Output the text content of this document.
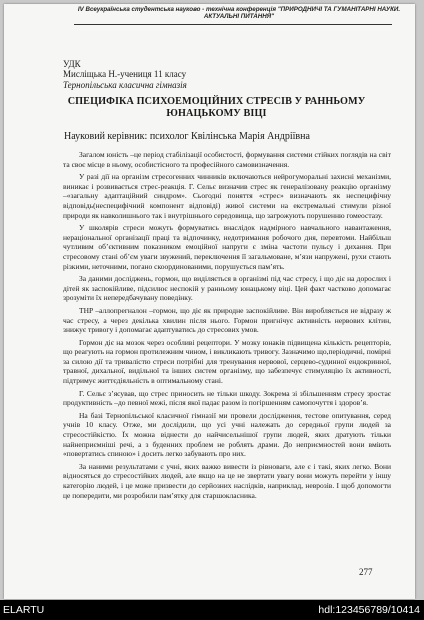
IV Всеукраїнська студентська науково - технічна конференція "ПРИРОДНИЧІ ТА ГУМАНІТАРНІ НАУКИ.
АКТУАЛЬНІ ПИТАННЯ"
УДК
Мисліщька Н.-учениця 11 класу
Тернопільська класична гімназія
СПЕЦИФІКА ПСИХОЕМОЦІЙНИХ СТРЕСІВ У РАННЬОМУ
ЮНАЦЬКОМУ ВІЦІ
Науковий керівник: психолог Квілінська Марія Андріївна

Загалом юність –це період стабілізації особистості, формування системи стійких поглядів на світ та своє місце в ньому, особистісного та професійного самовизначення.

У разі дії на організм стресогенних чинників включаються нейрогуморальні захисні механізми, виникає і розвивається стрес-реакція. Г. Сельє визначив стрес як генералізовану реакцію організму –«загальну адаптаційний синдром». Сьогодні поняття «стрес» визначають як неспецифічну відповідь(неспецифічний компонент відповіді) живої системи на екстремальні стимули різної природи як навколишнього так і внутрішнього середовища, що загрожують порушенню гомеостазу.

У школярів стреси можуть формуватись внаслідок надмірного навчального навантаження, нераціональної організації праці та відпочинку, недотримання робочого дня, перевтоми. Найбільш чутливим об’єктивним показником емоційної напруги є зміна частоти пульсу і дихання. При стресовому стані об’єм уваги звужений, переключення її загальмоване, м’язи напружені, рухи стають різкими, неточними, погано скоординованими, порушується пам’ять.

За даними досліджень, гормон, що виділяється в організмі під час стресу, і що діє на дорослих і дітей як заспокійливе, підсилює неспокій у ранньому юнацькому віці. Цей факт частково допомагає зрозуміти їх непередбачувану поведінку.

THP –аллопрегналон –гормон, що діє як природне заспокійливе. Він виробляється не відразу ж час стресу, а через декілька хвилин після нього. Гормон пригнічує активність нервових клітин, знижує тривогу і допомагає адаптуватись до стресових умов.

Гормон діє на мозок через особливі рецептори. У мозку юнаків підвищена кількість рецепторів, що реагують на гормон протилежним чином, і викликають тривогу. Зазначимо що,періодичні, помірні за силою дії та тривалістю стреси потрібні для тренування нервової, серцево-судинної ендокринної, травної, дихальної, видільної та інших систем організму, що забезпечує стимуляцію їх активності, підтримує життєдіяльність в оптимальному стані.

Г. Сельє з’ясував, що стрес приносить не тільки шкоду. Зокрема зі збільшенням стресу зростає продуктивність –до певної межі, після якої падає разом із погіршенням самопочуття і здоров’я.

На базі Тернопільської класичної гімназії ми провели дослідження, тестове опитування, серед учнів 10 класу. Отже, ми дослідили, що усі учні належать до середньої групи людей за стресостійкістю. Їх можна віднести до найчисельнішої групи людей, яких дратують тільки найнеприємніші речі, а з буденних проблем не роблять драми. До неприємностей вони вміють «повертатись спиною» і досить легко забувають про них.

За наними результатами є учні, яких важко вивести із рівноваги, але є і такі, яких легко. Вони відносяться до стресостійких людей, але якщо на це не звертати увагу вони можуть перейти у іншу категорію людей, і це може призвести до серйозних наслідків, наприклад, неврозів. І щоб допомогти це попередити, ми розробили пам’ятку для старшокласника.

277
ELARTU	hdl:123456789/10414
